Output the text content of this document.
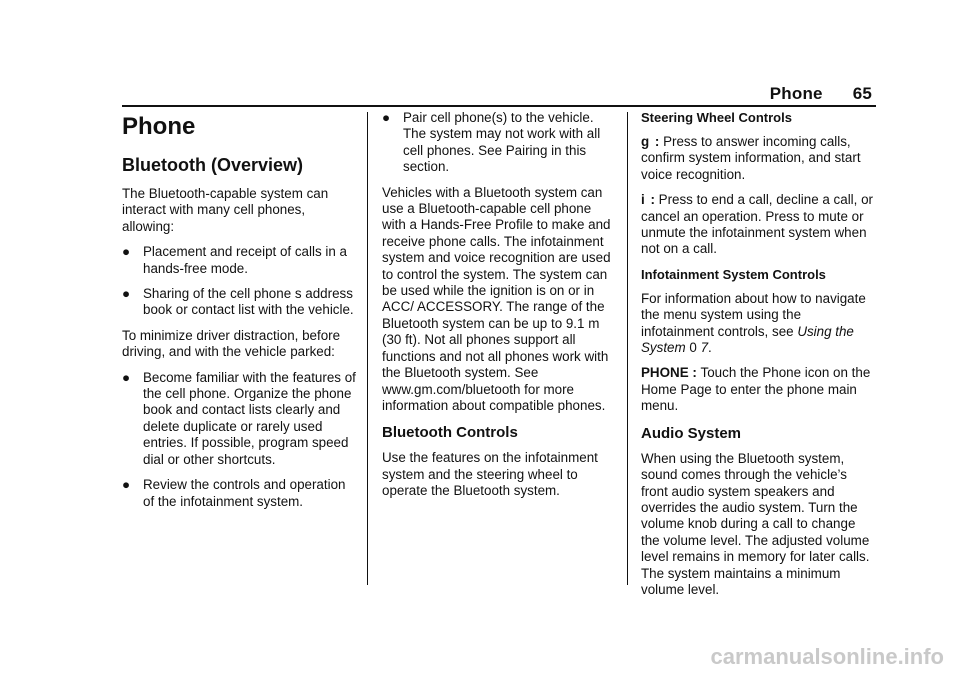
Phone 65
Phone
Bluetooth (Overview)

The Bluetooth-capable system can interact with many cell phones, allowing:

● Placement and receipt of calls in a hands-free mode.
● Sharing of the cell phone s address book or contact list with the vehicle.

To minimize driver distraction, before driving, and with the vehicle parked:

● Become familiar with the features of the cell phone. Organize the phone book and contact lists clearly and delete duplicate or rarely used entries. If possible, program speed dial or other shortcuts.
● Review the controls and operation of the infotainment system.
● Pair cell phone(s) to the vehicle. The system may not work with all cell phones. See Pairing in this section.

Vehicles with a Bluetooth system can use a Bluetooth-capable cell phone with a Hands-Free Profile to make and receive phone calls. The infotainment system and voice recognition are used to control the system. The system can be used while the ignition is on or in ACC/ ACCESSORY. The range of the Bluetooth system can be up to 9.1 m (30 ft). Not all phones support all functions and not all phones work with the Bluetooth system. See www.gm.com/bluetooth for more information about compatible phones.

Bluetooth Controls

Use the features on the infotainment system and the steering wheel to operate the Bluetooth system.

Steering Wheel Controls

g : Press to answer incoming calls, confirm system information, and start voice recognition.

i : Press to end a call, decline a call, or cancel an operation. Press to mute or unmute the infotainment system when not on a call.

Infotainment System Controls

For information about how to navigate the menu system using the infotainment controls, see Using the System 0 7.

PHONE : Touch the Phone icon on the Home Page to enter the phone main menu.

Audio System

When using the Bluetooth system, sound comes through the vehicle’s front audio system speakers and overrides the audio system. Turn the volume knob during a call to change the volume level. The adjusted volume level remains in memory for later calls. The system maintains a minimum volume level.

carmanualsonline.info
